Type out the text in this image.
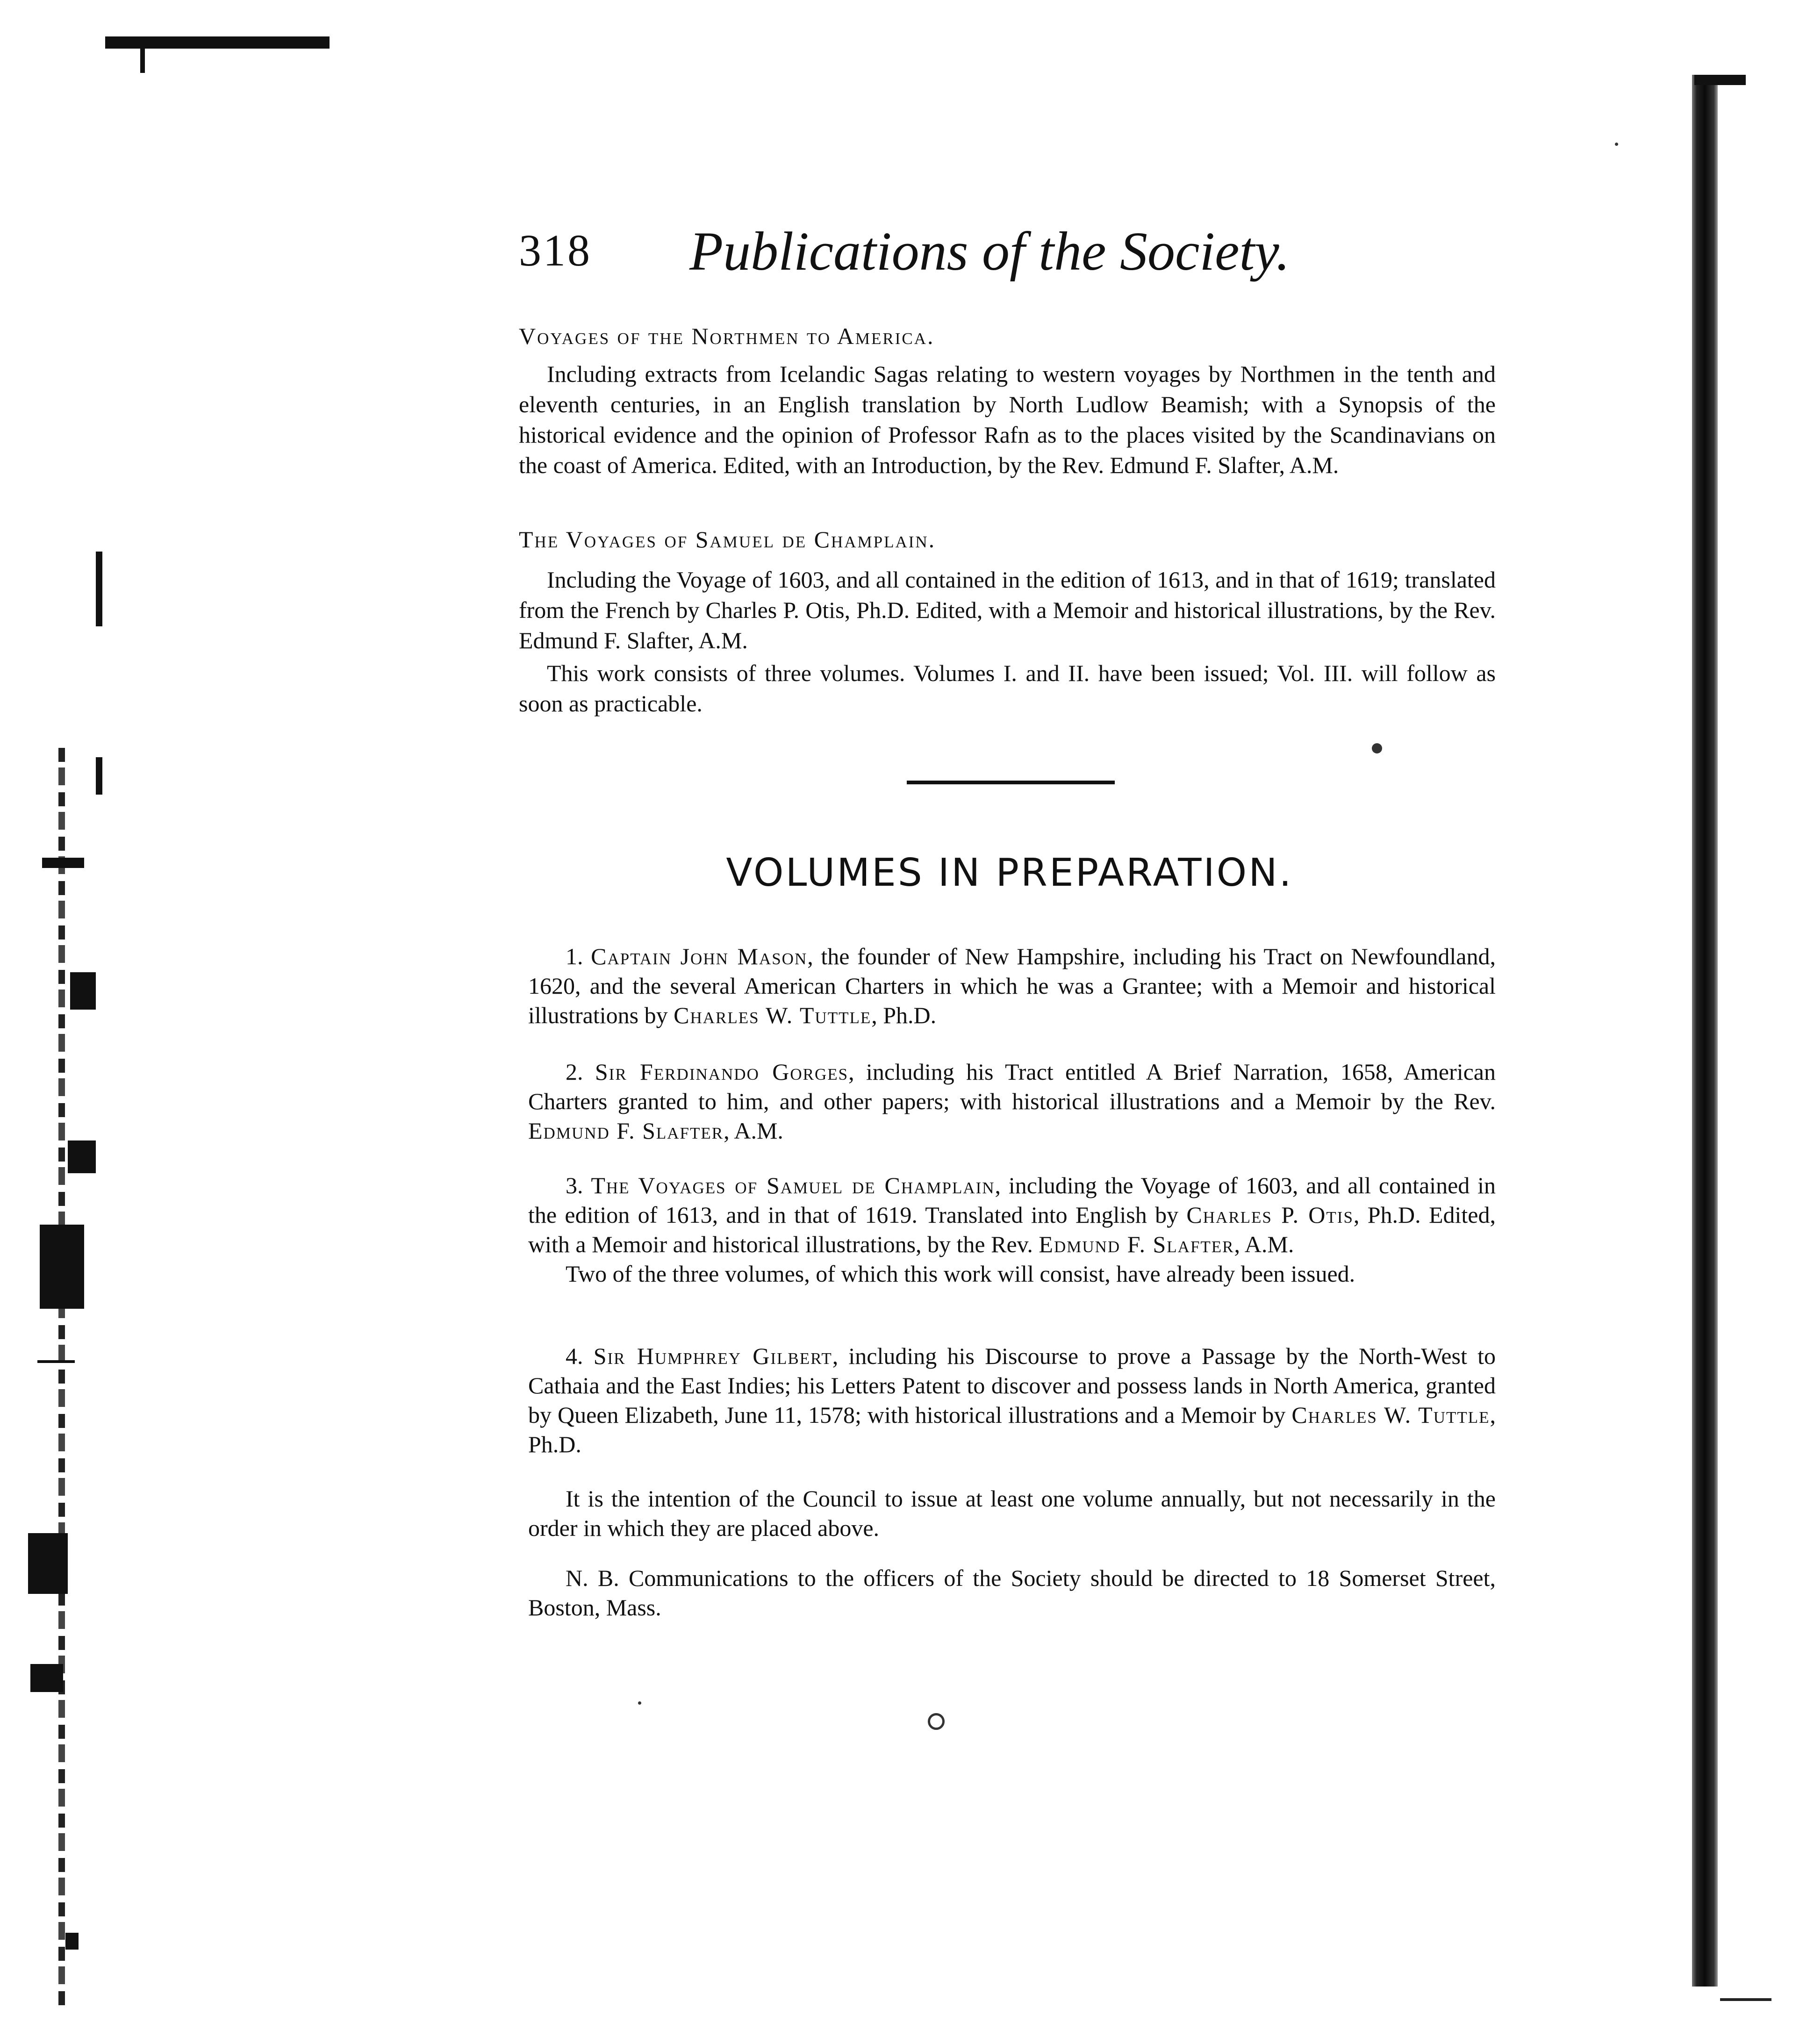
318 Publications of the Society.
Voyages of the Northmen to America.
Including extracts from Icelandic Sagas relating to western voyages by Northmen in the tenth and eleventh centuries, in an English translation by North Ludlow Beamish; with a Synopsis of the historical evidence and the opinion of Professor Rafn as to the places visited by the Scandinavians on the coast of America. Edited, with an Introduction, by the Rev. Edmund F. Slafter, A.M.
The Voyages of Samuel de Champlain.
Including the Voyage of 1603, and all contained in the edition of 1613, and in that of 1619; translated from the French by Charles P. Otis, Ph.D. Edited, with a Memoir and historical illustrations, by the Rev. Edmund F. Slafter, A.M.
This work consists of three volumes. Volumes I. and II. have been issued; Vol. III. will follow as soon as practicable.
VOLUMES IN PREPARATION.
1. Captain John Mason, the founder of New Hampshire, including his Tract on Newfoundland, 1620, and the several American Charters in which he was a Grantee; with a Memoir and historical illustrations by Charles W. Tuttle, Ph.D.
2. Sir Ferdinando Gorges, including his Tract entitled A Brief Narration, 1658, American Charters granted to him, and other papers; with historical illustrations and a Memoir by the Rev. Edmund F. Slafter, A.M.
3. The Voyages of Samuel de Champlain, including the Voyage of 1603, and all contained in the edition of 1613, and in that of 1619. Translated into English by Charles P. Otis, Ph.D. Edited, with a Memoir and historical illustrations, by the Rev. Edmund F. Slafter, A.M.
Two of the three volumes, of which this work will consist, have already been issued.
4. Sir Humphrey Gilbert, including his Discourse to prove a Passage by the North-West to Cathaia and the East Indies; his Letters Patent to discover and possess lands in North America, granted by Queen Elizabeth, June 11, 1578; with historical illustrations and a Memoir by Charles W. Tuttle, Ph.D.
It is the intention of the Council to issue at least one volume annually, but not necessarily in the order in which they are placed above.
N. B. Communications to the officers of the Society should be directed to 18 Somerset Street, Boston, Mass.
